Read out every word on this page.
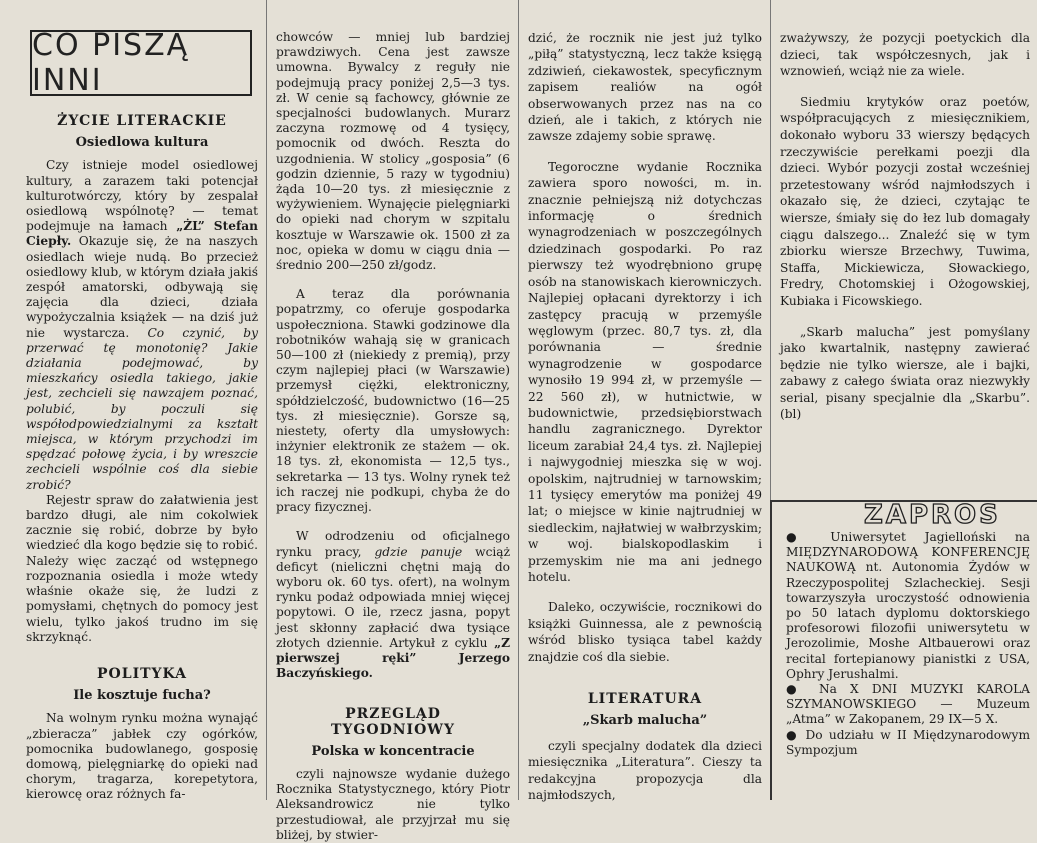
CO PISZĄ INNI
ŻYCIE LITERACKIE
Osiedlowa kultura

Czy istnieje model osiedlowej kultury, a zarazem taki potencjał kulturotwórczy, który by zespalał osiedlową wspólnotę? — temat podejmuje na łamach „ŻL” Stefan Ciepły. Okazuje się, że na naszych osiedlach wieje nudą. Bo przecież osiedlowy klub, w którym działa jakiś zespół amatorski, odbywają się zajęcia dla dzieci, działa wypożyczalnia książek — na dziś już nie wystarcza. Co czynić, by przerwać tę monotonię? Jakie działania podejmować, by mieszkańcy osiedla takiego, jakie jest, zechcieli się nawzajem poznać, polubić, by poczuli się współodpowiedzialnymi za kształt miejsca, w którym przychodzi im spędzać połowę życia, i by wreszcie zechcieli wspólnie coś dla siebie zrobić?

Rejestr spraw do załatwienia jest bardzo długi, ale nim cokolwiek zacznie się robić, dobrze by było wiedzieć dla kogo będzie się to robić. Należy więc zacząć od wstępnego rozpoznania osiedla i może wtedy właśnie okaże się, że ludzi z pomysłami, chętnych do pomocy jest wielu, tylko jakoś trudno im się skrzyknąć.

POLITYKA
Ile kosztuje fucha?

Na wolnym rynku można wynająć „zbieracza” jabłek czy ogórków, pomocnika budowlanego, gosposię domową, pielęgniarkę do opieki nad chorym, tragarza, korepetytora, kierowcę oraz różnych fa-

chowców — mniej lub bardziej prawdziwych. Cena jest zawsze umowna. Bywalcy z reguły nie podejmują pracy poniżej 2,5—3 tys. zł. W cenie są fachowcy, głównie ze specjalności budowlanych. Murarz zaczyna rozmowę od 4 tysięcy, pomocnik od dwóch. Reszta do uzgodnienia. W stolicy „gosposia” (6 godzin dziennie, 5 razy w tygodniu) żąda 10—20 tys. zł miesięcznie z wyżywieniem. Wynajęcie pielęgniarki do opieki nad chorym w szpitalu kosztuje w Warszawie ok. 1500 zł za noc, opieka w domu w ciągu dnia — średnio 200—250 zł/godz.

A teraz dla porównania popatrzmy, co oferuje gospodarka uspołeczniona. Stawki godzinowe dla robotników wahają się w granicach 50—100 zł (niekiedy z premią), przy czym najlepiej płaci (w Warszawie) przemysł ciężki, elektroniczny, spółdzielczość, budownictwo (16—25 tys. zł miesięcznie). Gorsze są, niestety, oferty dla umysłowych: inżynier elektronik ze stażem — ok. 18 tys. zł, ekonomista — 12,5 tys., sekretarka — 13 tys. Wolny rynek też ich raczej nie podkupi, chyba że do pracy fizycznej.

W odrodzeniu od oficjalnego rynku pracy, gdzie panuje wciąż deficyt (nieliczni chętni mają do wyboru ok. 60 tys. ofert), na wolnym rynku podaż odpowiada mniej więcej popytowi. O ile, rzecz jasna, popyt jest skłonny zapłacić dwa tysiące złotych dziennie. Artykuł z cyklu „Z pierwszej ręki” Jerzego Baczyńskiego.

PRZEGLĄD TYGODNIOWY
Polska w koncentracie

czyli najnowsze wydanie dużego Rocznika Statystycznego, który Piotr Aleksandrowicz nie tylko przestudiował, ale przyjrzał mu się bliżej, by stwier-

dzić, że rocznik nie jest już tylko „piłą” statystyczną, lecz także księgą zdziwień, ciekawostek, specyficznym zapisem realiów na ogół obserwowanych przez nas na co dzień, ale i takich, z których nie zawsze zdajemy sobie sprawę.

Tegoroczne wydanie Rocznika zawiera sporo nowości, m. in. znacznie pełniejszą niż dotychczas informację o średnich wynagrodzeniach w poszczególnych dziedzinach gospodarki. Po raz pierwszy też wyodrębniono grupę osób na stanowiskach kierowniczych. Najlepiej opłacani dyrektorzy i ich zastępcy pracują w przemyśle węglowym (przec. 80,7 tys. zł, dla porównania — średnie wynagrodzenie w gospodarce wynosiło 19 994 zł, w przemyśle — 22 560 zł), w hutnictwie, w budownictwie, przedsiębiorstwach handlu zagranicznego. Dyrektor liceum zarabiał 24,4 tys. zł. Najlepiej i najwygodniej mieszka się w woj. opolskim, najtrudniej w tarnowskim; 11 tysięcy emerytów ma poniżej 49 lat; o miejsce w kinie najtrudniej w siedleckim, najłatwiej w wałbrzyskim; w woj. bialskopodlaskim i przemyskim nie ma ani jednego hotelu.

Daleko, oczywiście, rocznikowi do książki Guinnessa, ale z pewnością wśród blisko tysiąca tabel każdy znajdzie coś dla siebie.

LITERATURA
„Skarb malucha”

czyli specjalny dodatek dla dzieci miesięcznika „Literatura”. Cieszy ta redakcyjna propozycja dla najmłodszych,

zważywszy, że pozycji poetyckich dla dzieci, tak współczesnych, jak i wznowień, wciąż nie za wiele.

Siedmiu krytyków oraz poetów, współpracujących z miesięcznikiem, dokonało wyboru 33 wierszy będących rzeczywiście perełkami poezji dla dzieci. Wybór pozycji został wcześniej przetestowany wśród najmłodszych i okazało się, że dzieci, czytając te wiersze, śmiały się do łez lub domagały ciągu dalszego... Znaleźć się w tym zbiorku wiersze Brzechwy, Tuwima, Staffa, Mickiewicza, Słowackiego, Fredry, Chotomskiej i Ożogowskiej, Kubiaka i Ficowskiego.

„Skarb malucha” jest pomyślany jako kwartalnik, następny zawierać będzie nie tylko wiersze, ale i bajki, zabawy z całego świata oraz niezwykły serial, pisany specjalnie dla „Skarbu”. (bl)

ZAPROS

● Uniwersytet Jagielloński na MIĘDZYNARODOWĄ KONFERENCJĘ NAUKOWĄ nt. Autonomia Żydów w Rzeczypospolitej Szlacheckiej. Sesji towarzyszyła uroczystość odnowienia po 50 latach dyplomu doktorskiego profesorowi filozofii uniwersytetu w Jerozolimie, Moshe Altbauerowi oraz recital fortepianowy pianistki z USA, Ophry Jerushalmi.

● Na X DNI MUZYKI KAROLA SZYMANOWSKIEGO — Muzeum „Atma” w Zakopanem, 29 IX—5 X.

● Do udziału w II Międzynarodowym Sympozjum
